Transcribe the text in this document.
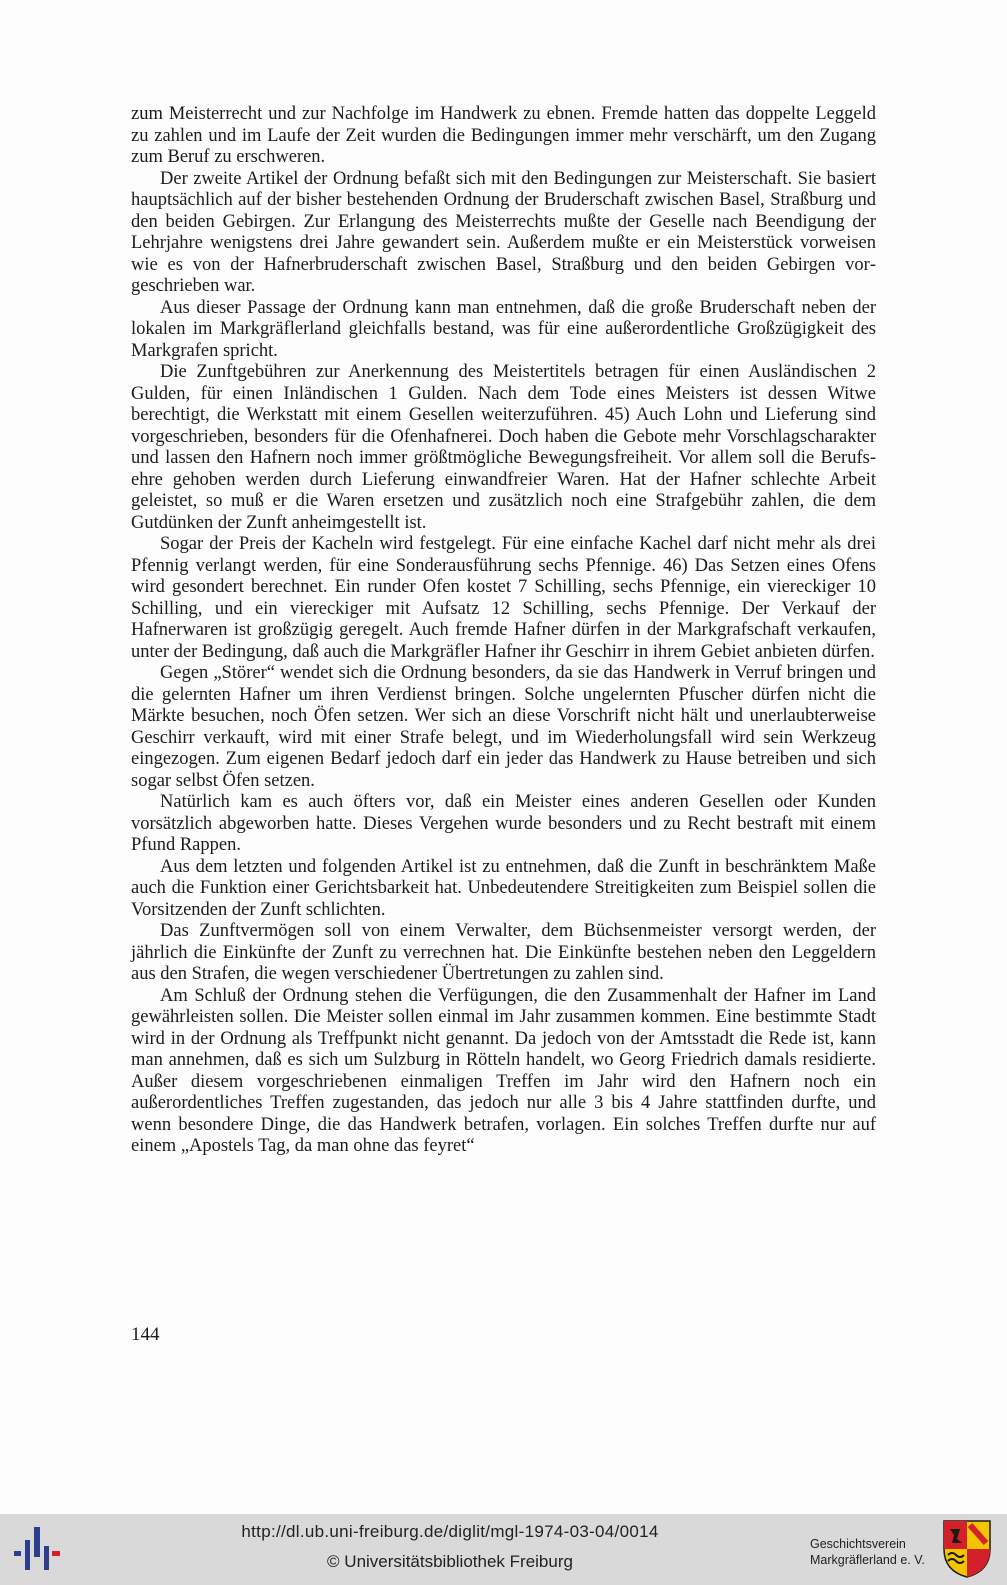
zum Meisterrecht und zur Nachfolge im Handwerk zu ebnen. Fremde hatten das doppelte Leggeld zu zahlen und im Laufe der Zeit wurden die Bedingungen immer mehr verschärft, um den Zugang zum Beruf zu erschweren.

Der zweite Artikel der Ordnung befaßt sich mit den Bedingungen zur Meisterschaft. Sie basiert hauptsächlich auf der bisher bestehenden Ordnung der Bruderschaft zwischen Basel, Straßburg und den beiden Gebirgen. Zur Erlangung des Meisterrechts mußte der Geselle nach Beendigung der Lehrjahre wenigstens drei Jahre gewandert sein. Außerdem mußte er ein Meisterstück vorweisen wie es von der Hafnerbruderschaft zwischen Basel, Straßburg und den beiden Gebirgen vorgeschrieben war.

Aus dieser Passage der Ordnung kann man entnehmen, daß die große Bruderschaft neben der lokalen im Markgräflerland gleichfalls bestand, was für eine außerordentliche Großzügigkeit des Markgrafen spricht.

Die Zunftgebühren zur Anerkennung des Meistertitels betragen für einen Ausländischen 2 Gulden, für einen Inländischen 1 Gulden. Nach dem Tode eines Meisters ist dessen Witwe berechtigt, die Werkstatt mit einem Gesellen weiterzuführen. 45) Auch Lohn und Lieferung sind vorgeschrieben, besonders für die Ofenhafnerei. Doch haben die Gebote mehr Vorschlagscharakter und lassen den Hafnern noch immer größtmögliche Bewegungsfreiheit. Vor allem soll die Berufsehre gehoben werden durch Lieferung einwandfreier Waren. Hat der Hafner schlechte Arbeit geleistet, so muß er die Waren ersetzen und zusätzlich noch eine Strafgebühr zahlen, die dem Gutdünken der Zunft anheimgestellt ist.

Sogar der Preis der Kacheln wird festgelegt. Für eine einfache Kachel darf nicht mehr als drei Pfennig verlangt werden, für eine Sonderausführung sechs Pfennige. 46) Das Setzen eines Ofens wird gesondert berechnet. Ein runder Ofen kostet 7 Schilling, sechs Pfennige, ein viereckiger 10 Schilling, und ein viereckiger mit Aufsatz 12 Schilling, sechs Pfennige. Der Verkauf der Hafnerwaren ist großzügig geregelt. Auch fremde Hafner dürfen in der Markgrafschaft verkaufen, unter der Bedingung, daß auch die Markgräfler Hafner ihr Geschirr in ihrem Gebiet anbieten dürfen.

Gegen „Störer“ wendet sich die Ordnung besonders, da sie das Handwerk in Verruf bringen und die gelernten Hafner um ihren Verdienst bringen. Solche ungelernten Pfuscher dürfen nicht die Märkte besuchen, noch Öfen setzen. Wer sich an diese Vorschrift nicht hält und unerlaubterweise Geschirr verkauft, wird mit einer Strafe belegt, und im Wiederholungsfall wird sein Werkzeug eingezogen. Zum eigenen Bedarf jedoch darf ein jeder das Handwerk zu Hause betreiben und sich sogar selbst Öfen setzen.

Natürlich kam es auch öfters vor, daß ein Meister eines anderen Gesellen oder Kunden vorsätzlich abgeworben hatte. Dieses Vergehen wurde besonders und zu Recht bestraft mit einem Pfund Rappen.

Aus dem letzten und folgenden Artikel ist zu entnehmen, daß die Zunft in beschränktem Maße auch die Funktion einer Gerichtsbarkeit hat. Unbedeutendere Streitigkeiten zum Beispiel sollen die Vorsitzenden der Zunft schlichten.

Das Zunftvermögen soll von einem Verwalter, dem Büchsenmeister versorgt werden, der jährlich die Einkünfte der Zunft zu verrechnen hat. Die Einkünfte bestehen neben den Leggeldern aus den Strafen, die wegen verschiedener Übertretungen zu zahlen sind.

Am Schluß der Ordnung stehen die Verfügungen, die den Zusammenhalt der Hafner im Land gewährleisten sollen. Die Meister sollen einmal im Jahr zusammen kommen. Eine bestimmte Stadt wird in der Ordnung als Treffpunkt nicht genannt. Da jedoch von der Amtsstadt die Rede ist, kann man annehmen, daß es sich um Sulzburg in Rötteln handelt, wo Georg Friedrich damals residierte. Außer diesem vorgeschriebenen einmaligen Treffen im Jahr wird den Hafnern noch ein außerordentliches Treffen zugestanden, das jedoch nur alle 3 bis 4 Jahre stattfinden durfte, und wenn besondere Dinge, die das Handwerk betrafen, vorlagen. Ein solches Treffen durfte nur auf einem „Apostels Tag, da man ohne das feyret“

144
http://dl.ub.uni-freiburg.de/diglit/mgl-1974-03-04/0014
© Universitätsbibliothek Freiburg
Geschichtsverein
Markgräflerland e. V.
